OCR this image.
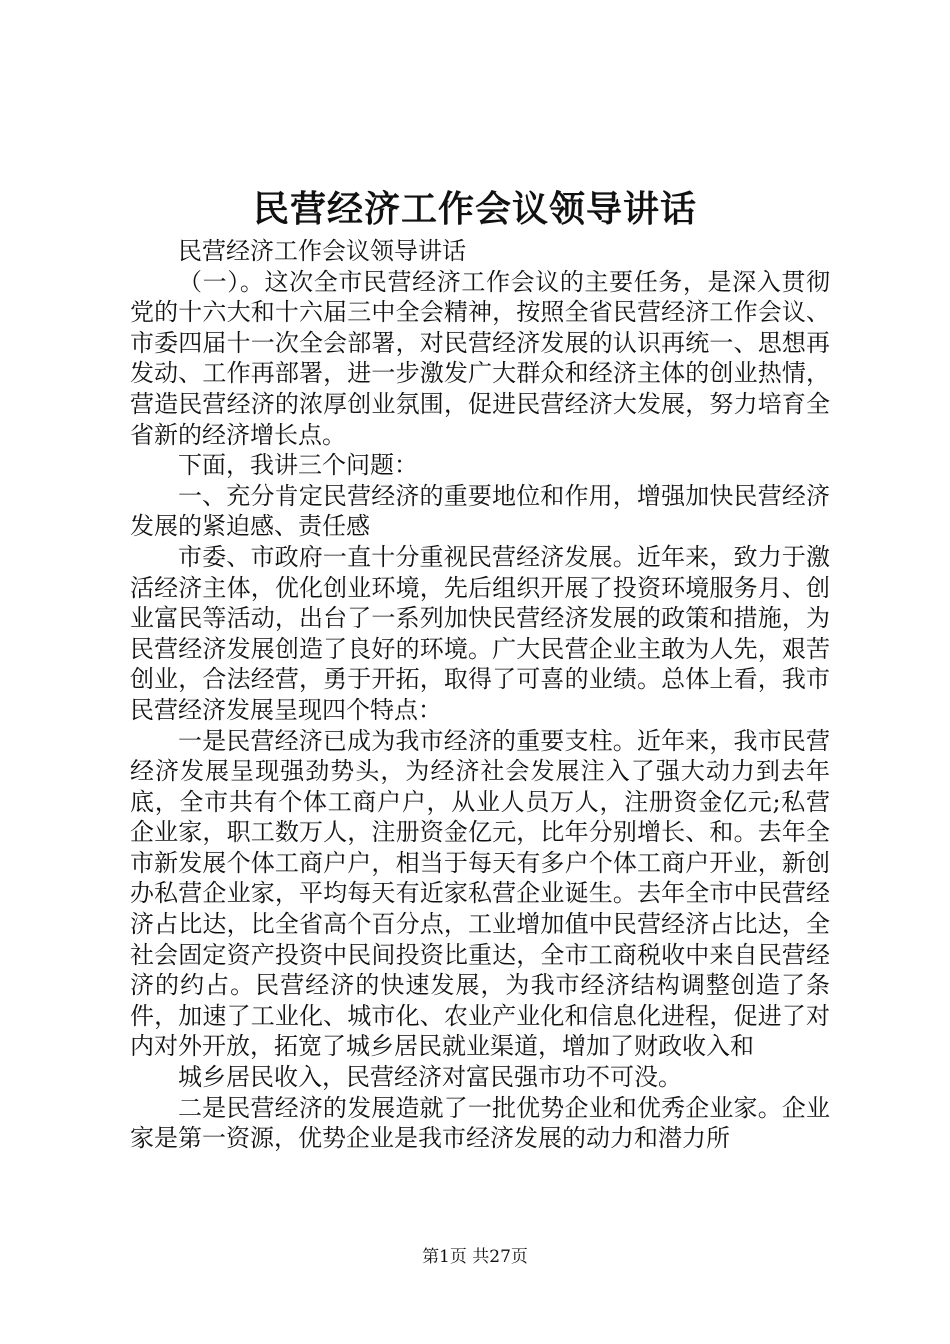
民营经济工作会议领导讲话

民营经济工作会议领导讲话

（一）。这次全市民营经济工作会议的主要任务，是深入贯彻党的十六大和十六届三中全会精神，按照全省民营经济工作会议、市委四届十一次全会部署，对民营经济发展的认识再统一、思想再发动、工作再部署，进一步激发广大群众和经济主体的创业热情，营造民营经济的浓厚创业氛围，促进民营经济大发展，努力培育全省新的经济增长点。

下面，我讲三个问题：

一、充分肯定民营经济的重要地位和作用，增强加快民营经济发展的紧迫感、责任感

市委、市政府一直十分重视民营经济发展。近年来，致力于激活经济主体，优化创业环境，先后组织开展了投资环境服务月、创业富民等活动，出台了一系列加快民营经济发展的政策和措施，为民营经济发展创造了良好的环境。广大民营企业主敢为人先，艰苦创业，合法经营，勇于开拓，取得了可喜的业绩。总体上看，我市民营经济发展呈现四个特点：

一是民营经济已成为我市经济的重要支柱。近年来，我市民营经济发展呈现强劲势头，为经济社会发展注入了强大动力到去年底，全市共有个体工商户户，从业人员万人，注册资金亿元;私营企业家，职工数万人，注册资金亿元，比年分别增长、和。去年全市新发展个体工商户户，相当于每天有多户个体工商户开业，新创办私营企业家，平均每天有近家私营企业诞生。去年全市中民营经济占比达，比全省高个百分点，工业增加值中民营经济占比达，全社会固定资产投资中民间投资比重达，全市工商税收中来自民营经济的约占。民营经济的快速发展，为我市经济结构调整创造了条件，加速了工业化、城市化、农业产业化和信息化进程，促进了对内对外开放，拓宽了城乡居民就业渠道，增加了财政收入和

城乡居民收入，民营经济对富民强市功不可没。

二是民营经济的发展造就了一批优势企业和优秀企业家。企业家是第一资源，优势企业是我市经济发展的动力和潜力所

第1页 共27页
